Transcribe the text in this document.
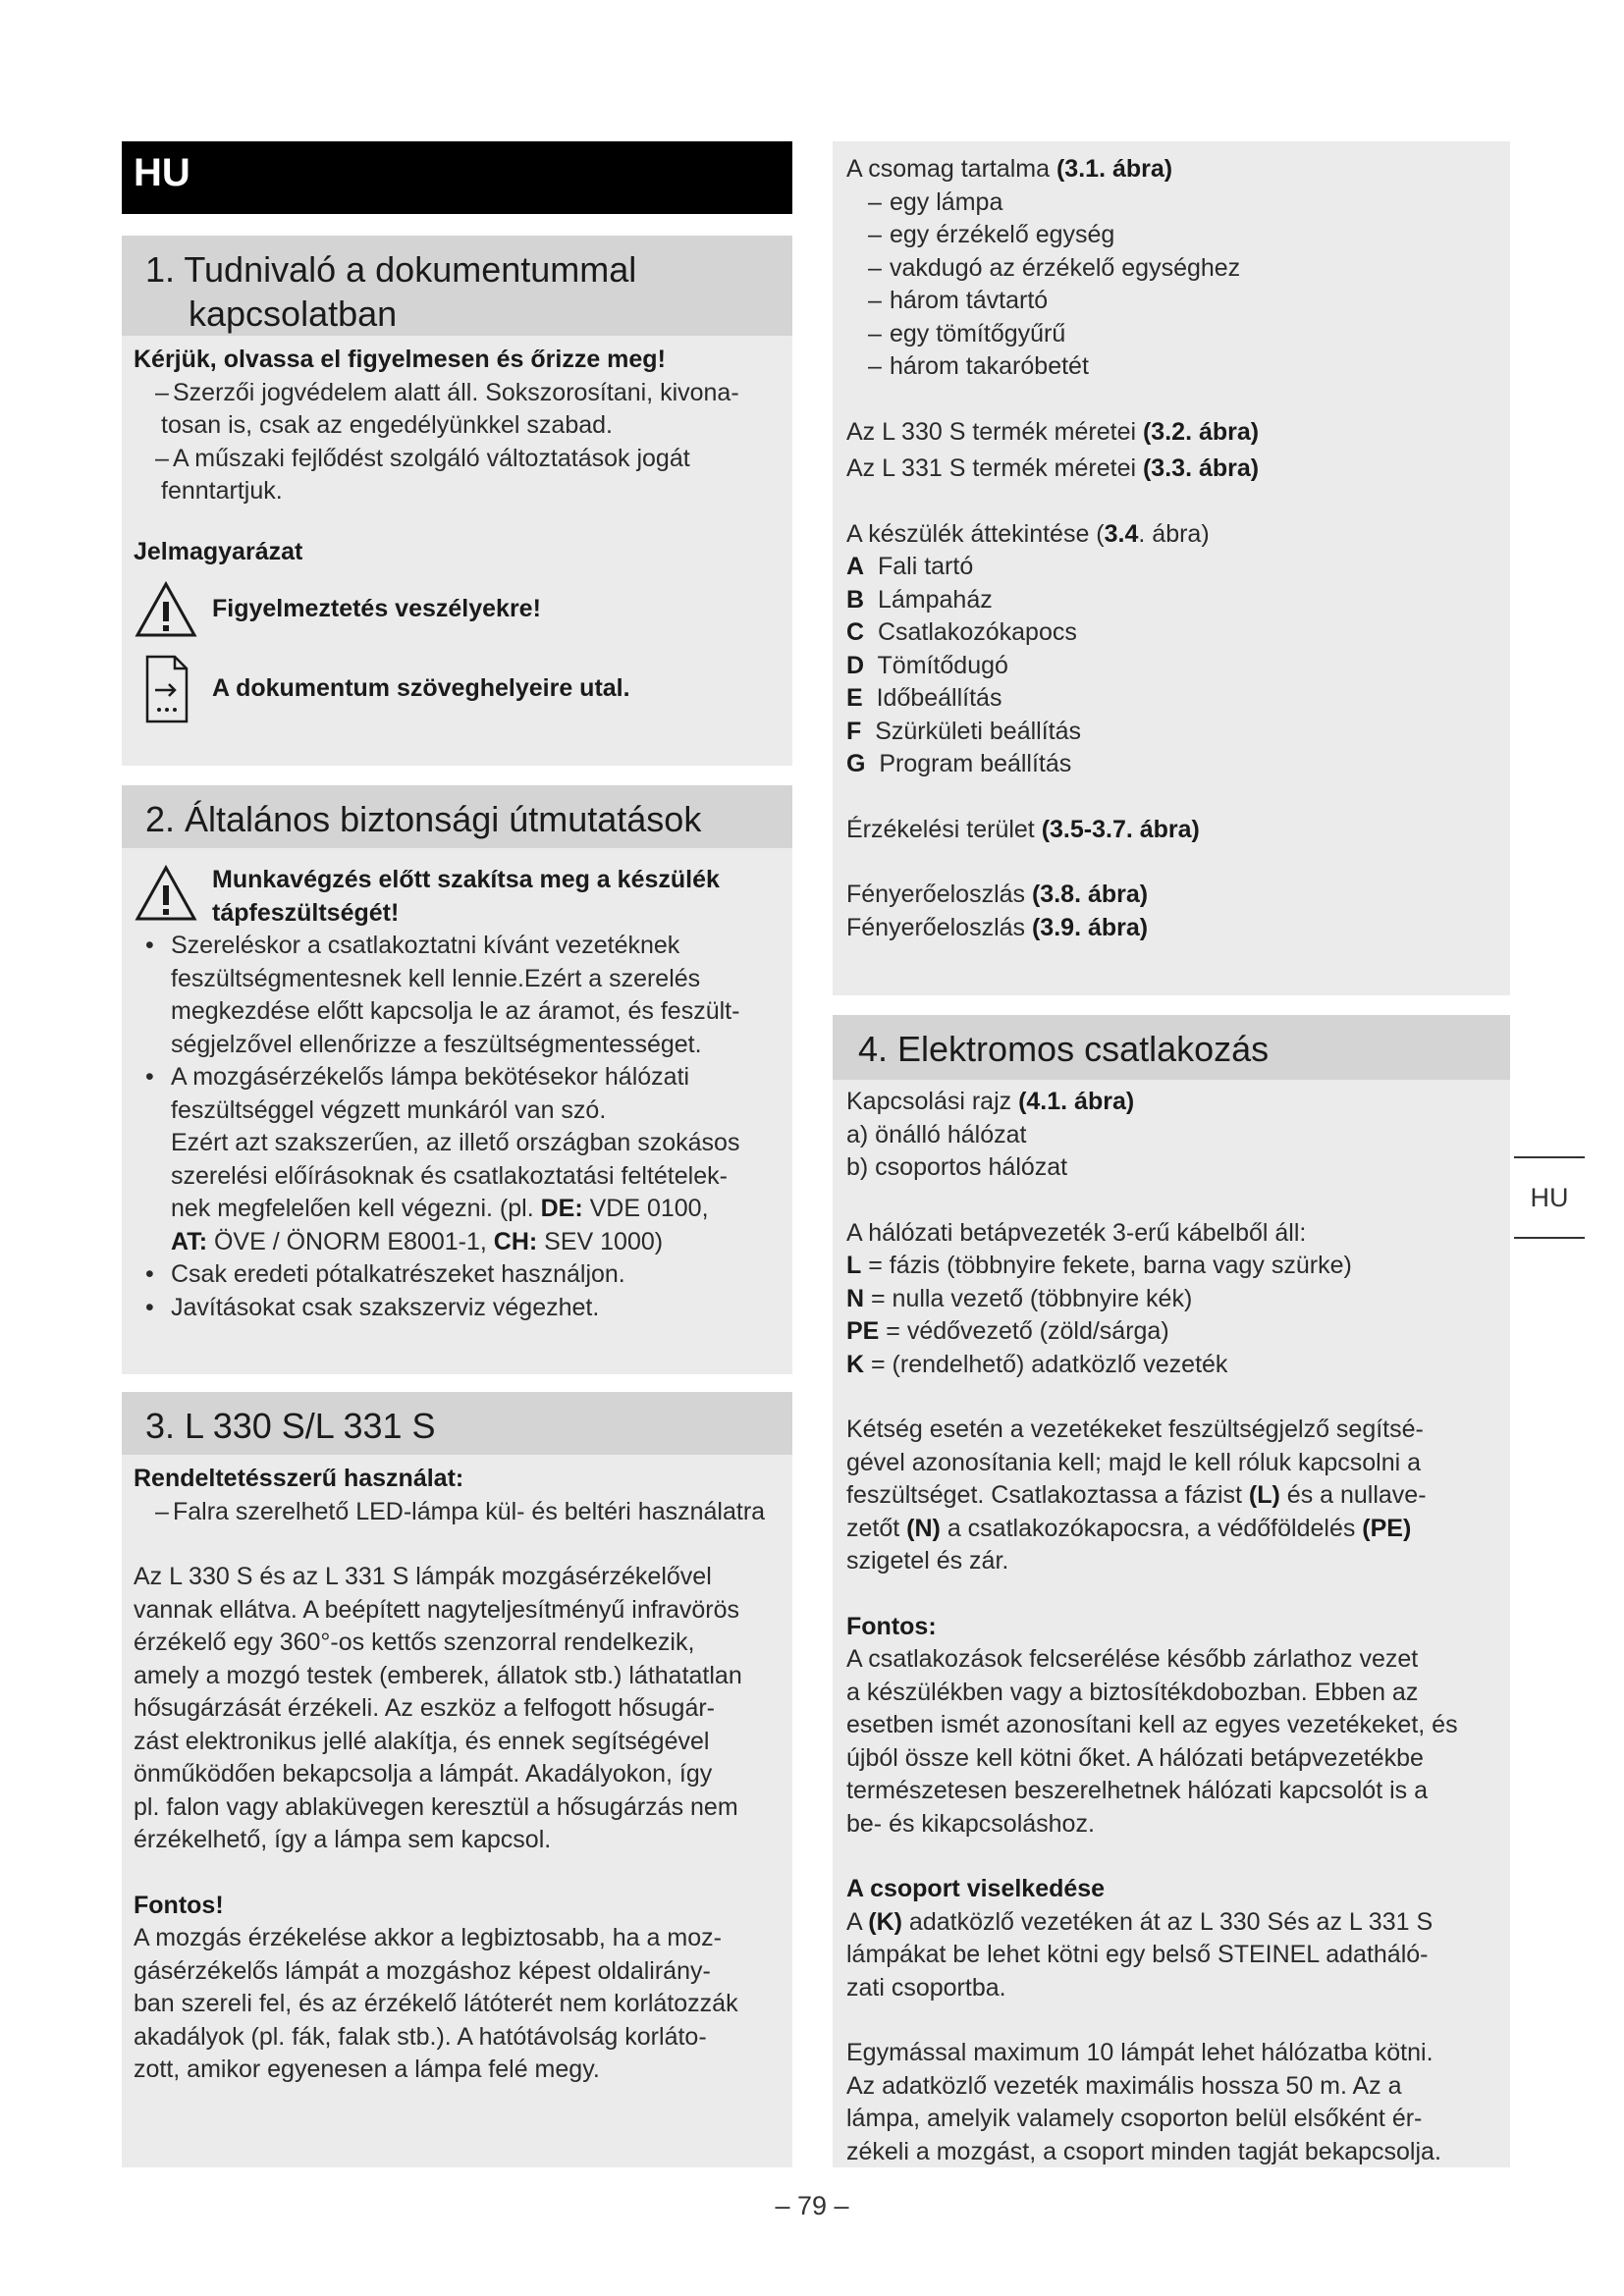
HU
1. Tudnivaló a dokumentummal
kapcsolatban
Kérjük, olvassa el figyelmesen és őrizze meg!
– Szerzői jogvédelem alatt áll. Sokszorosítani, kivona-
tosan is, csak az engedélyünkkel szabad.
– A műszaki fejlődést szolgáló változtatások jogát
fenntartjuk.
Jelmagyarázat
Figyelmeztetés veszélyekre!
A dokumentum szöveghelyeire utal.
2. Általános biztonsági útmutatások
Munkavégzés előtt szakítsa meg a készülék
tápfeszültségét!
• Szereléskor a csatlakoztatni kívánt vezetéknek
feszültségmentesnek kell lennie.Ezért a szerelés
megkezdése előtt kapcsolja le az áramot, és feszült-
ségjelzővel ellenőrizze a feszültségmentességet.
• A mozgásérzékelős lámpa bekötésekor hálózati
feszültséggel végzett munkáról van szó.
Ezért azt szakszerűen, az illető országban szokásos
szerelési előírásoknak és csatlakoztatási feltételek-
nek megfelelően kell végezni. (pl. DE: VDE 0100,
AT: ÖVE / ÖNORM E8001-1, CH: SEV 1000)
• Csak eredeti pótalkatrészeket használjon.
• Javításokat csak szakszerviz végezhet.
3. L 330 S/L 331 S
Rendeltetésszerű használat:
– Falra szerelhető LED-lámpa kül- és beltéri használatra
Az L 330 S és az L 331 S lámpák mozgásérzékelővel
vannak ellátva. A beépített nagyteljesítményű infravörös
érzékelő egy 360°-os kettős szenzorral rendelkezik,
amely a mozgó testek (emberek, állatok stb.) láthatatlan
hősugárzását érzékeli. Az eszköz a felfogott hősugár-
zást elektronikus jellé alakítja, és ennek segítségével
önműködően bekapcsolja a lámpát. Akadályokon, így
pl. falon vagy ablaküvegen keresztül a hősugárzás nem
érzékelhető, így a lámpa sem kapcsol.
Fontos!
A mozgás érzékelése akkor a legbiztosabb, ha a moz-
gásérzékelős lámpát a mozgáshoz képest oldalirány-
ban szereli fel, és az érzékelő látóterét nem korlátozzák
akadályok (pl. fák, falak stb.). A hatótávolság korláto-
zott, amikor egyenesen a lámpa felé megy.
A csomag tartalma (3.1. ábra)
– egy lámpa
– egy érzékelő egység
– vakdugó az érzékelő egységhez
– három távtartó
– egy tömítőgyűrű
– három takaróbetét
Az L 330 S termék méretei (3.2. ábra)
Az L 331 S termék méretei (3.3. ábra)
A készülék áttekintése (3.4. ábra)
A Fali tartó
B Lámpaház
C Csatlakozókapocs
D Tömítődugó
E Időbeállítás
F Szürkületi beállítás
G Program beállítás
Érzékelési terület (3.5-3.7. ábra)
Fényerőeloszlás (3.8. ábra)
Fényerőeloszlás (3.9. ábra)
4. Elektromos csatlakozás
Kapcsolási rajz (4.1. ábra)
a) önálló hálózat
b) csoportos hálózat
A hálózati betápvezeték 3-erű kábelből áll:
L = fázis (többnyire fekete, barna vagy szürke)
N = nulla vezető (többnyire kék)
PE = védővezető (zöld/sárga)
K = (rendelhető) adatközlő vezeték
Kétség esetén a vezetékeket feszültségjelző segítsé-
gével azonosítania kell; majd le kell róluk kapcsolni a
feszültséget. Csatlakoztassa a fázist (L) és a nullave-
zetőt (N) a csatlakozókapocsra, a védőföldelés (PE)
szigetel és zár.
Fontos:
A csatlakozások felcserélése később zárlathoz vezet
a készülékben vagy a biztosítékdobozban. Ebben az
esetben ismét azonosítani kell az egyes vezetékeket, és
újból össze kell kötni őket. A hálózati betápvezetékbe
természetesen beszerelhetnek hálózati kapcsolót is a
be- és kikapcsoláshoz.
A csoport viselkedése
A (K) adatközlő vezetéken át az L 330 Sés az L 331 S
lámpákat be lehet kötni egy belső STEINEL adatháló-
zati csoportba.
Egymással maximum 10 lámpát lehet hálózatba kötni.
Az adatközlő vezeték maximális hossza 50 m. Az a
lámpa, amelyik valamely csoporton belül elsőként ér-
zékeli a mozgást, a csoport minden tagját bekapcsolja.
HU
– 79 –
